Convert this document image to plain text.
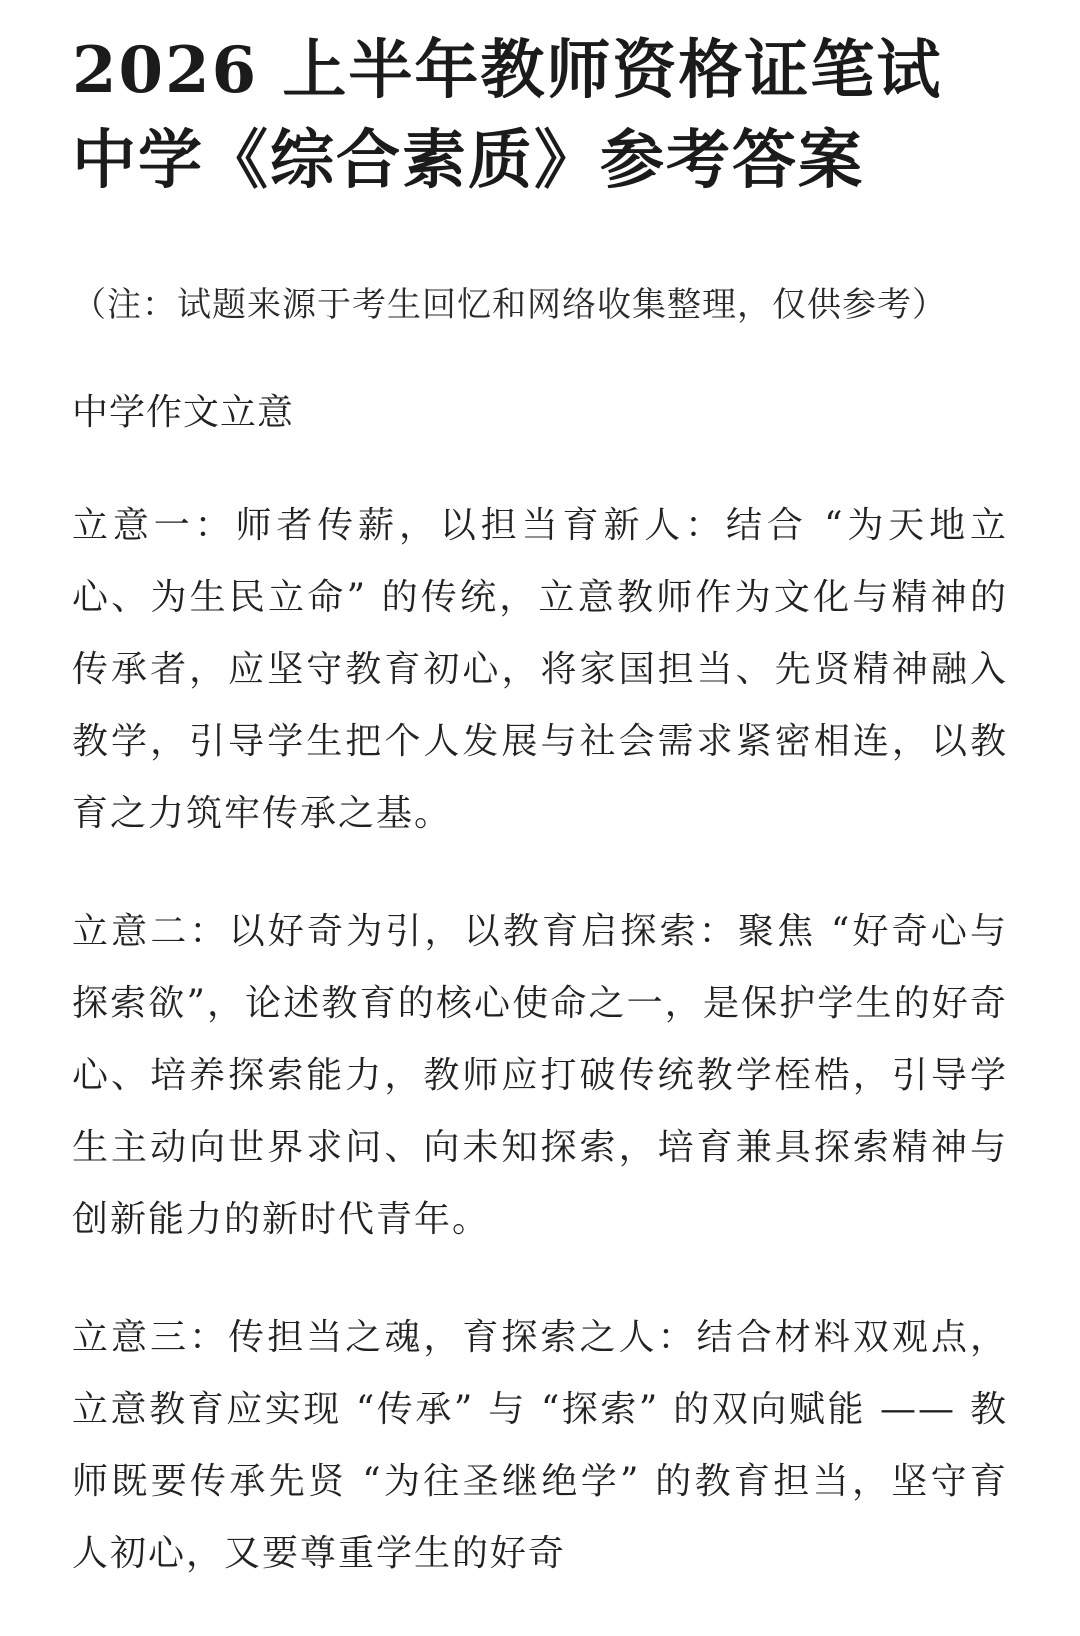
2026 上半年教师资格证笔试
中学《综合素质》参考答案

（注：试题来源于考生回忆和网络收集整理，仅供参考）

中学作文立意

立意一：师者传薪，以担当育新人：结合 “为天地立心、为生民立命” 的传统，立意教师作为文化与精神的传承者，应坚守教育初心，将家国担当、先贤精神融入教学，引导学生把个人发展与社会需求紧密相连，以教育之力筑牢传承之基。

立意二：以好奇为引，以教育启探索：聚焦 “好奇心与探索欲”，论述教育的核心使命之一，是保护学生的好奇心、培养探索能力，教师应打破传统教学桎梏，引导学生主动向世界求问、向未知探索，培育兼具探索精神与创新能力的新时代青年。

立意三：传担当之魂，育探索之人：结合材料双观点，立意教育应实现 “传承” 与 “探索” 的双向赋能 —— 教师既要传承先贤 “为往圣继绝学” 的教育担当，坚守育人初心，又要尊重学生的好奇
